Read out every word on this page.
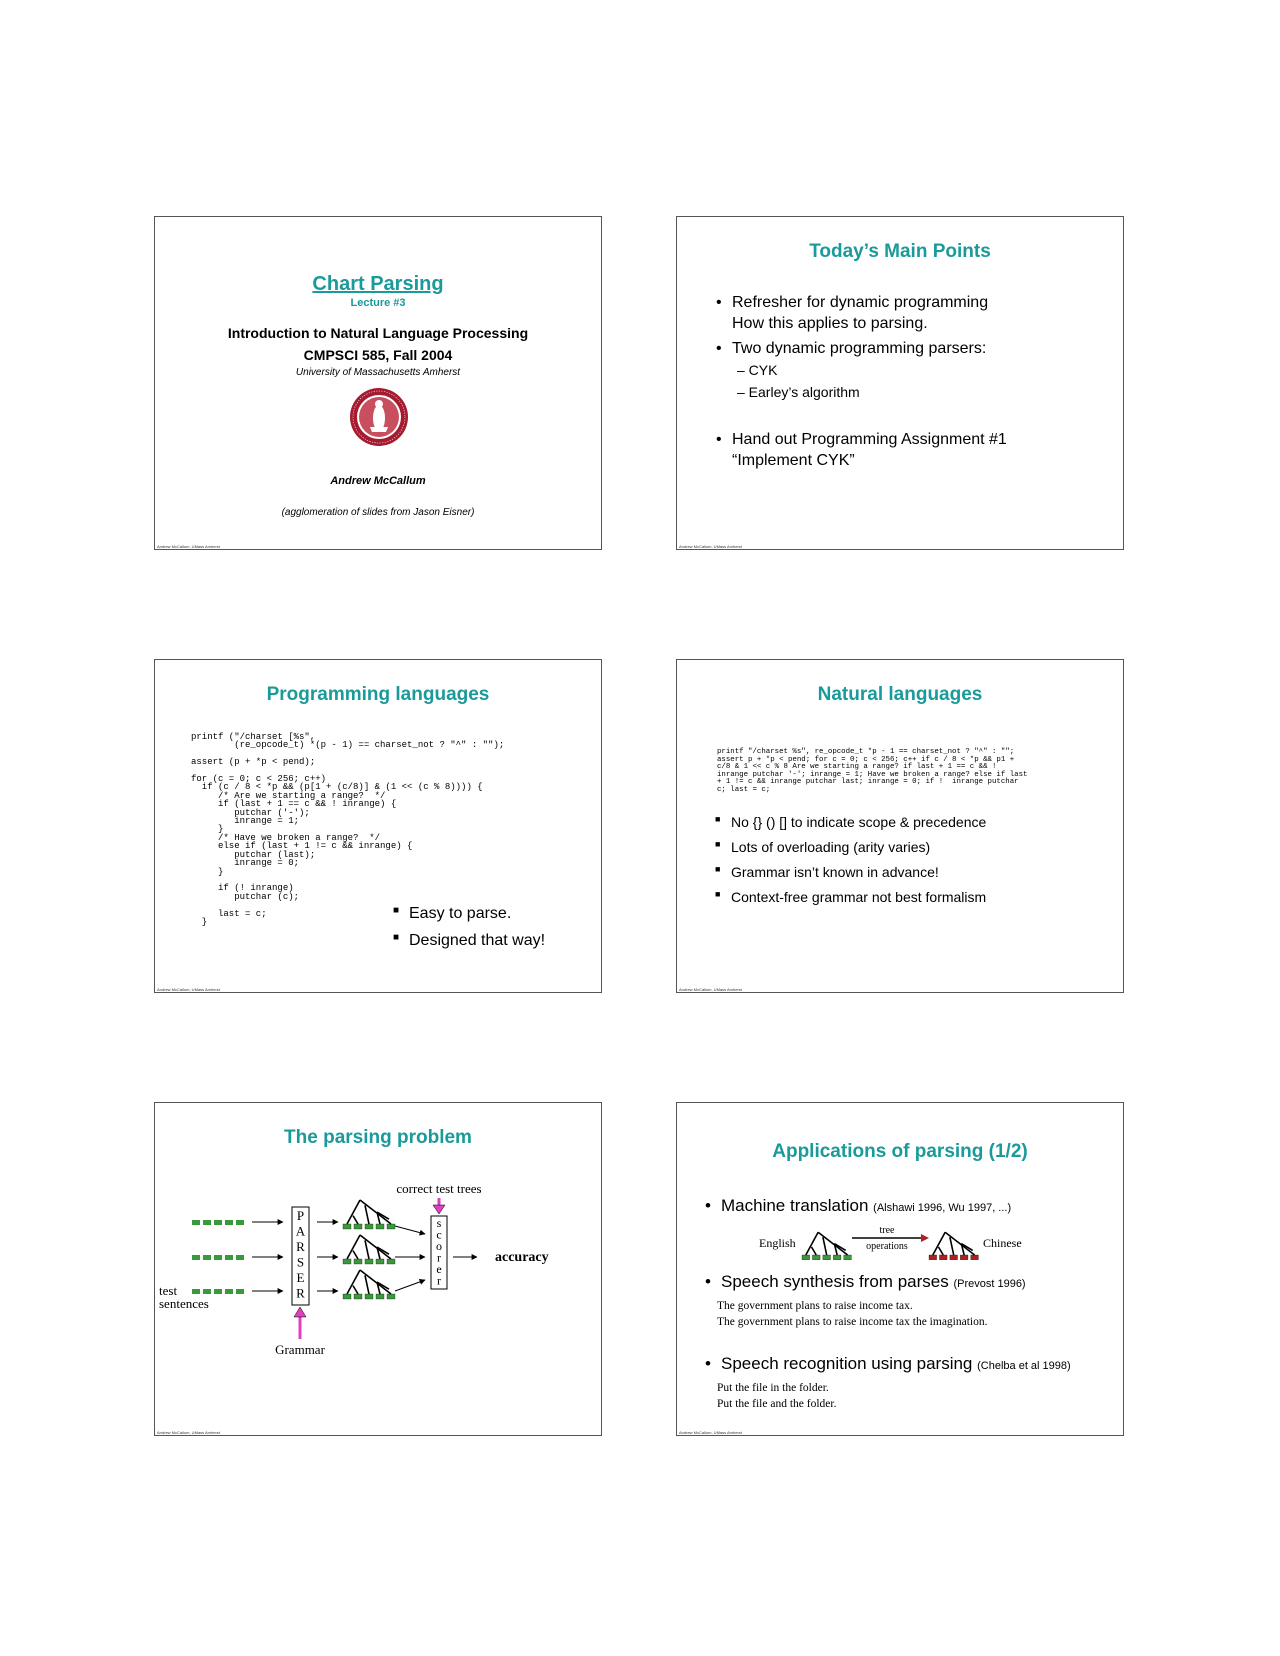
Chart Parsing
Lecture #3
Introduction to Natural Language Processing
CMPSCI 585, Fall 2004
University of Massachusetts Amherst
Andrew McCallum
(agglomeration of slides from Jason Eisner)
Andrew McCallum, UMass Amherst
Today’s Main Points
• Refresher for dynamic programming
How this applies to parsing.
• Two dynamic programming parsers:
– CYK
– Earley’s algorithm
• Hand out Programming Assignment #1
“Implement CYK”
Andrew McCallum, UMass Amherst
Programming languages
printf ("/charset [%s",
(re_opcode_t) *(p - 1) == charset_not ? "^" : "");

assert (p + *p < pend);

for (c = 0; c < 256; c++)
if (c / 8 < *p && (p[1 + (c/8)] & (1 << (c % 8)))) {
/* Are we starting a range?  */
if (last + 1 == c && ! inrange) {
putchar ('-');
inrange = 1;
}
/* Have we broken a range?  */
else if (last + 1 != c && inrange) {
putchar (last);
inrange = 0;
}

if (! inrange)
putchar (c);

last = c;
}
■ Easy to parse.
■ Designed that way!
Andrew McCallum, UMass Amherst
Natural languages
printf "/charset %s", re_opcode_t *p - 1 == charset_not ? "^" : "";
assert p + *p < pend; for c = 0; c < 256; c++ if c / 8 < *p && p1 +
c/8 & 1 << c % 8 Are we starting a range? if last + 1 == c && !
inrange putchar '-'; inrange = 1; Have we broken a range? else if last
+ 1 != c && inrange putchar last; inrange = 0; if !  inrange putchar
c; last = c;
■ No {} () [] to indicate scope & precedence
■ Lots of overloading (arity varies)
■ Grammar isn’t known in advance!
■ Context-free grammar not best formalism
Andrew McCallum, UMass Amherst
The parsing problem
P
A
R
S
E
R
s
c
o
r
e
r
correct test trees
accuracy
test
sentences
Grammar
Andrew McCallum, UMass Amherst
Applications of parsing (1/2)
• Machine translation (Alshawi 1996, Wu 1997, ...)
English
tree
operations	Chinese
• Speech synthesis from parses (Prevost 1996)
The government plans to raise income tax.
The government plans to raise income tax the imagination.
• Speech recognition using parsing (Chelba et al 1998)
Put the file in the folder.
Put the file and the folder.
Andrew McCallum, UMass Amherst
